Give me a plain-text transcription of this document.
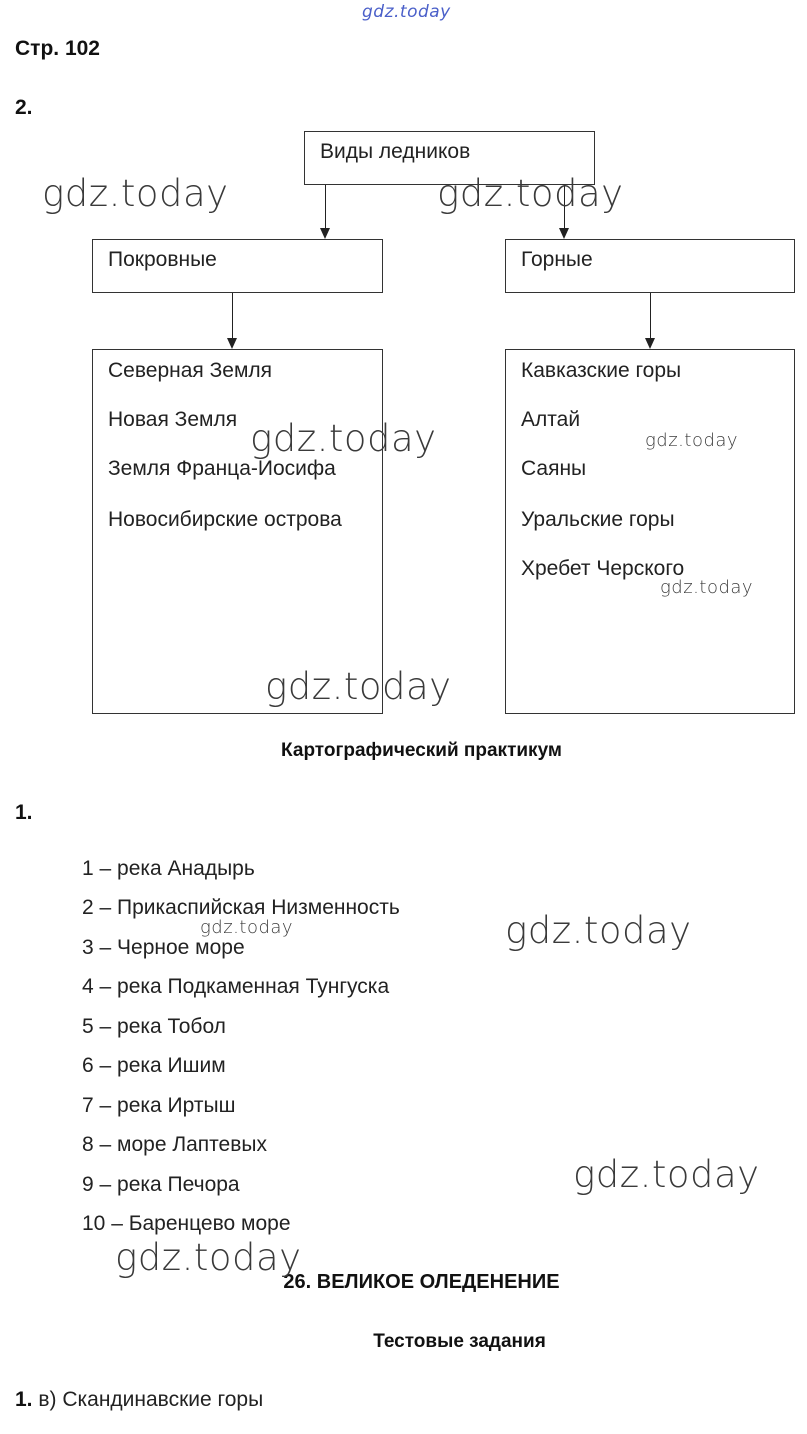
gdz.today
Стр. 102
2.
Виды ледников
Покровные	Горные
Северная Земля
Новая Земля
Земля Франца-Иосифа
Новосибирские острова
Кавказские горы
Алтай
Саяны
Уральские горы
Хребет Черского
Картографический практикум
1.
1 – река Анадырь
2 – Прикаспийская Низменность
3 – Черное море
4 – река Подкаменная Тунгуска
5 – река Тобол
6 – река Ишим
7 – река Иртыш
8 – море Лаптевых
9 – река Печора
10 – Баренцево море
26. ВЕЛИКОЕ ОЛЕДЕНЕНИЕ
Тестовые задания
1. в) Скандинавские горы
gdz.today	gdz.today
gdz.today	gdz.today
gdz.today
gdz.today
gdz.today
gdz.today
gdz.today
gdz.today
